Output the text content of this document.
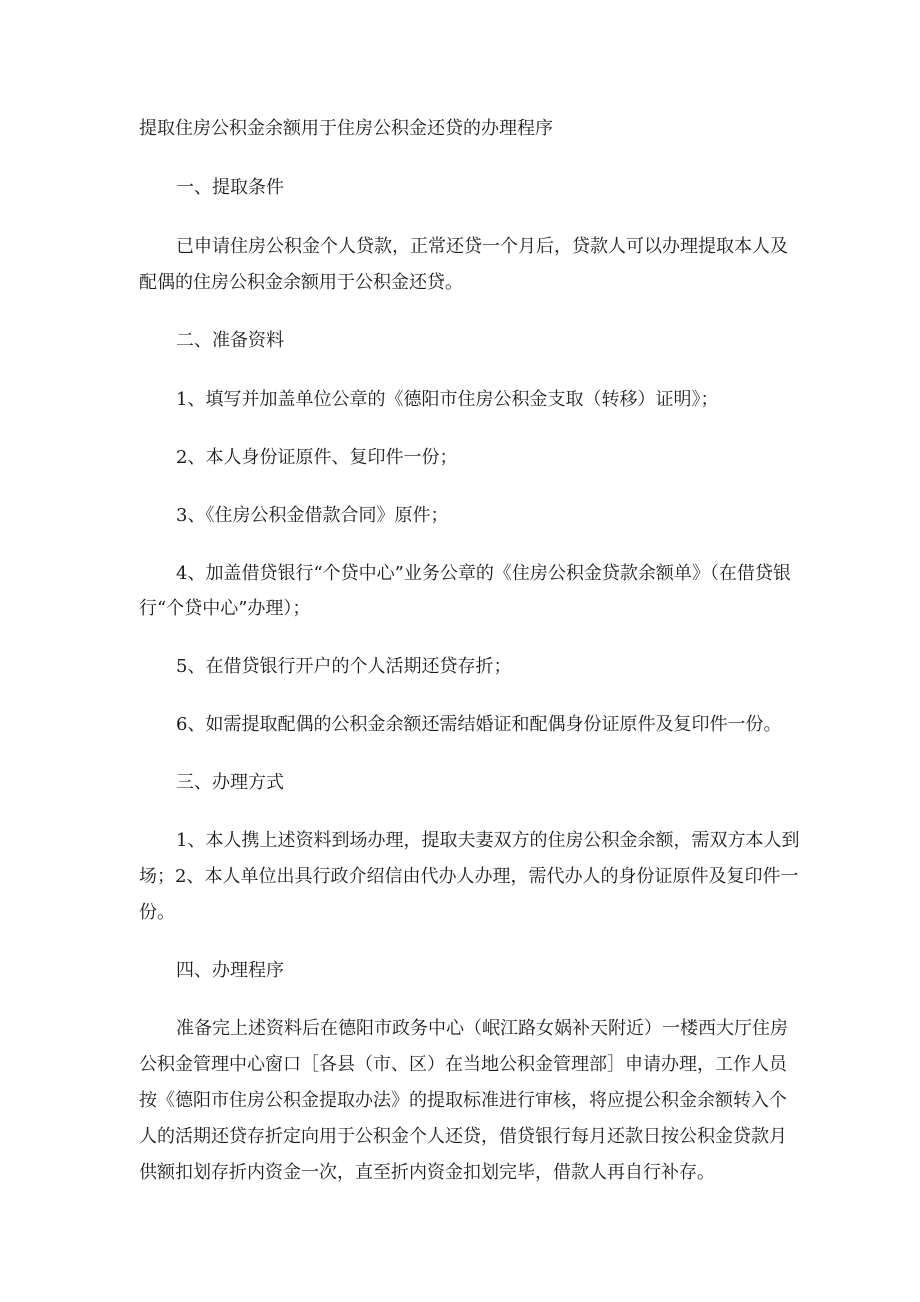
提取住房公积金余额用于住房公积金还贷的办理程序

一、提取条件

已申请住房公积金个人贷款，正常还贷一个月后，贷款人可以办理提取本人及

配偶的住房公积金余额用于公积金还贷。

二、准备资料

1、填写并加盖单位公章的《德阳市住房公积金支取（转移）证明》；

2、本人身份证原件、复印件一份；

3、《住房公积金借款合同》原件；

4、加盖借贷银行“个贷中心”业务公章的《住房公积金贷款余额单》（在借贷银

行“个贷中心”办理）；

5、在借贷银行开户的个人活期还贷存折；

6、如需提取配偶的公积金余额还需结婚证和配偶身份证原件及复印件一份。

三、办理方式

1、本人携上述资料到场办理，提取夫妻双方的住房公积金余额，需双方本人到

场；2、本人单位出具行政介绍信由代办人办理，需代办人的身份证原件及复印件一

份。

四、办理程序

准备完上述资料后在德阳市政务中心（岷江路女娲补天附近）一楼西大厅住房

公积金管理中心窗口［各县（市、区）在当地公积金管理部］申请办理，工作人员

按《德阳市住房公积金提取办法》的提取标准进行审核，将应提公积金余额转入个

人的活期还贷存折定向用于公积金个人还贷，借贷银行每月还款日按公积金贷款月

供额扣划存折内资金一次，直至折内资金扣划完毕，借款人再自行补存。
